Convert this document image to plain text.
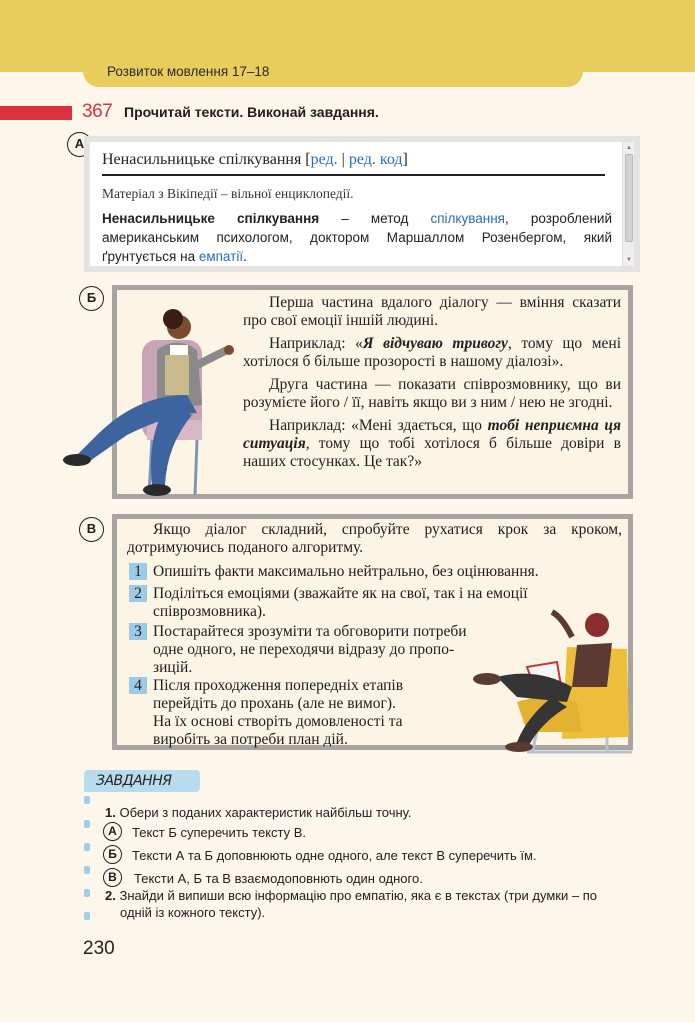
Розвиток мовлення 17–18
367 Прочитай тексти. Виконай завдання.
А
Ненасильницьке спілкування [ред. | ред. код]
Матеріал з Вікіпедії – вільної енциклопедії.
Ненасильницьке спілкування – метод спілкування, розроблений американським психологом, доктором Маршаллом Розенбергом, який ґрунтується на емпатії.
▲
▼
Б	Перша частина вдалого діалогу — вміння сказати про свої емоції іншій людині.

Наприклад: «Я відчуваю тривогу, тому що мені хотілося б більше прозорості в нашому діалозі».

Друга частина — показати співрозмовнику, що ви розумієте його / її, навіть якщо ви з ним / нею не згодні.

Наприклад: «Мені здається, що тобі неприємна ця ситуація, тому що тобі хотілося б більше довіри в наших стосунках. Це так?»

В	Якщо діалог складний, спробуйте рухатися крок за кроком, дотримуючись поданого алгоритму.
1 Опишіть факти максимально нейтрально, без оцінювання.
2 Поділіться емоціями (зважайте як на свої, так і на емоції
співрозмовника).
3 Постарайтеся зрозуміти та обговорити потреби
одне одного, не переходячи відразу до пропо-
зицій.
4 Після проходження попередніх етапів
перейдіть до прохань (але не вимог).
На їх основі створіть домовленості та
виробіть за потреби план дій.
ЗАВДАННЯ
1. Обери з поданих характеристик найбільш точну.
А	Текст Б суперечить тексту В.
Б	Тексти А та Б доповнюють одне одного, але текст В суперечить їм.
В	Тексти А, Б та В взаємодоповнють один одного.
2. Знайди й випиши всю інформацію про емпатію, яка є в текстах (три думки – по
одній із кожного тексту).
230
